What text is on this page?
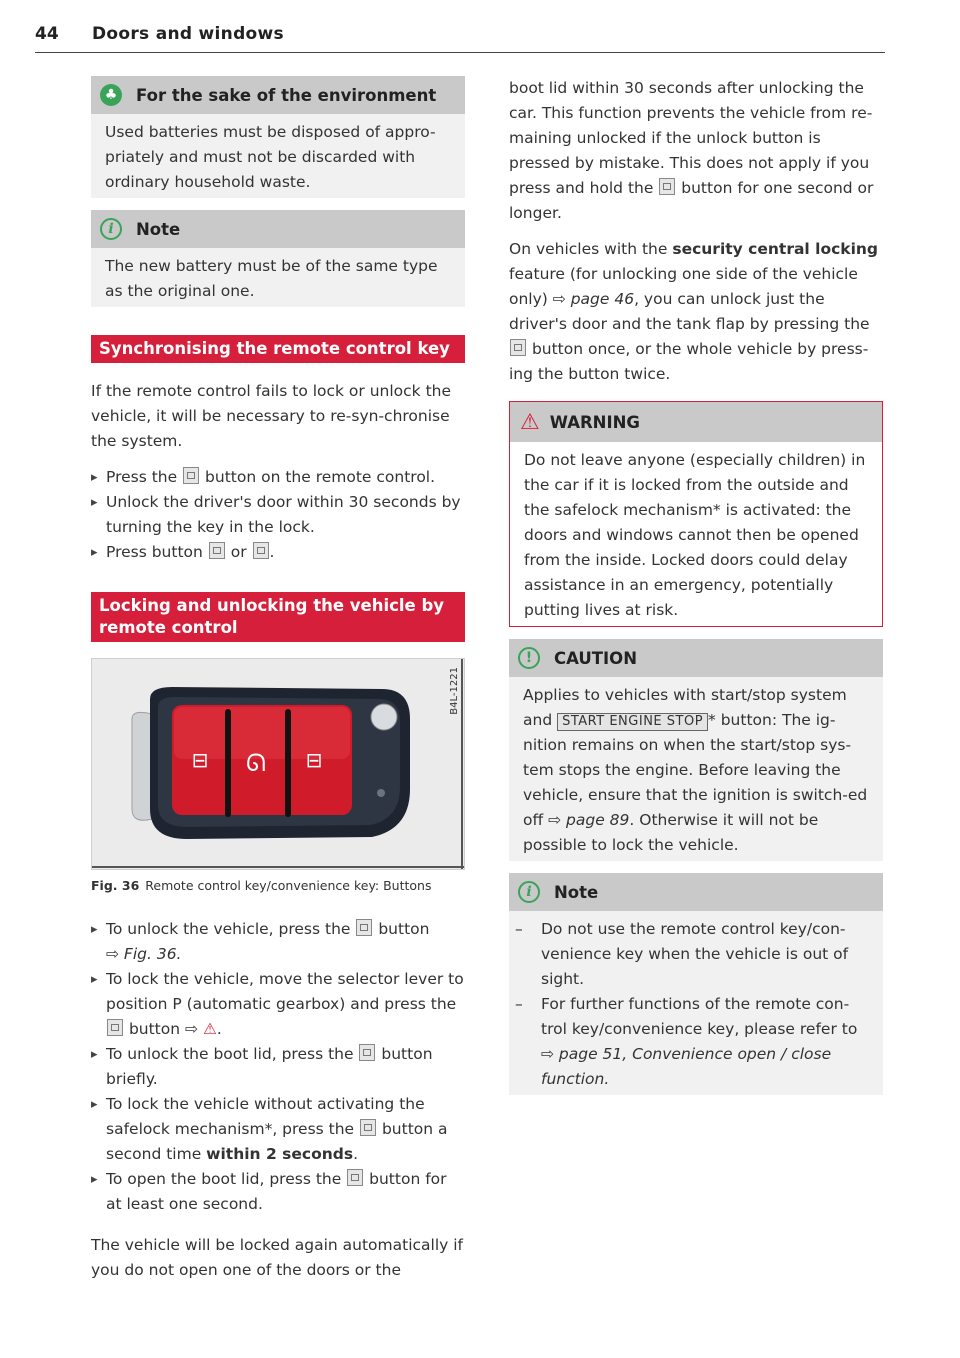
44 Doors and windows
♣ For the sake of the environment
Used batteries must be disposed of appro-priately and must not be discarded with ordinary household waste.
i	Note
The new battery must be of the same type as the original one.
Synchronising the remote control key

If the remote control fails to lock or unlock the vehicle, it will be necessary to re-syn-chronise the system.

▸ Press the button on the remote control.
▸ Unlock the driver's door within 30 seconds by turning the key in the lock.
▸ Press button or .
Locking and unlocking the vehicle by remote control
⊟ ᘏ ⊟
B4L-1221
Fig. 36 Remote control key/convenience key: Buttons
▸ To unlock the vehicle, press the button
⇨ Fig. 36.
▸ To lock the vehicle, move the selector lever to position P (automatic gearbox) and press the  button ⇨ ⚠.
▸ To unlock the boot lid, press the button briefly.
▸ To lock the vehicle without activating the safelock mechanism*, press the button a second time within 2 seconds.
▸ To open the boot lid, press the button for at least one second.

The vehicle will be locked again automatically if you do not open one of the doors or the

boot lid within 30 seconds after unlocking the car. This function prevents the vehicle from re-maining unlocked if the unlock button is pressed by mistake. This does not apply if you press and hold the button for one second or longer.

On vehicles with the security central locking feature (for unlocking one side of the vehicle only) ⇨ page 46, you can unlock just the driver's door and the tank flap by pressing the  button once, or the whole vehicle by press-ing the button twice.

⚠ WARNING
Do not leave anyone (especially children) in the car if it is locked from the outside and the safelock mechanism* is activated: the doors and windows cannot then be opened from the inside. Locked doors could delay assistance in an emergency, potentially putting lives at risk.
!	CAUTION
Applies to vehicles with start/stop system and START ENGINE STOP * button: The ig-nition remains on when the start/stop sys-tem stops the engine. Before leaving the vehicle, ensure that the ignition is switch-ed off ⇨ page 89. Otherwise it will not be possible to lock the vehicle.
i	Note
– Do not use the remote control key/con-venience key when the vehicle is out of sight.
– For further functions of the remote con-trol key/convenience key, please refer to ⇨ page 51, Convenience open / close function.
